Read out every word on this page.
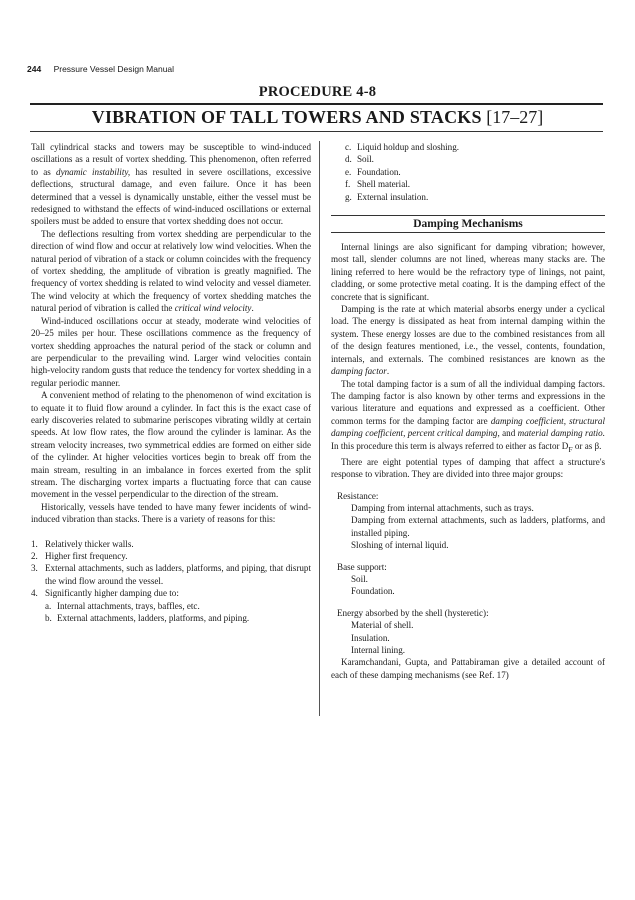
244 Pressure Vessel Design Manual
PROCEDURE 4-8
VIBRATION OF TALL TOWERS AND STACKS [17–27]

Tall cylindrical stacks and towers may be susceptible to wind-induced oscillations as a result of vortex shedding. This phenomenon, often referred to as dynamic instability, has resulted in severe oscillations, excessive deflections, structural damage, and even failure. Once it has been determined that a vessel is dynamically unstable, either the vessel must be redesigned to withstand the effects of wind-induced oscillations or external spoilers must be added to ensure that vortex shedding does not occur.

The deflections resulting from vortex shedding are perpendicular to the direction of wind flow and occur at relatively low wind velocities. When the natural period of vibration of a stack or column coincides with the frequency of vortex shedding, the amplitude of vibration is greatly magnified. The frequency of vortex shedding is related to wind velocity and vessel diameter. The wind velocity at which the frequency of vortex shedding matches the natural period of vibration is called the critical wind velocity.

Wind-induced oscillations occur at steady, moderate wind velocities of 20–25 miles per hour. These oscillations commence as the frequency of vortex shedding approaches the natural period of the stack or column and are perpendicular to the prevailing wind. Larger wind velocities contain high-velocity random gusts that reduce the tendency for vortex shedding in a regular periodic manner.

A convenient method of relating to the phenomenon of wind excitation is to equate it to fluid flow around a cylinder. In fact this is the exact case of early discoveries related to submarine periscopes vibrating wildly at certain speeds. At low flow rates, the flow around the cylinder is laminar. As the stream velocity increases, two symmetrical eddies are formed on either side of the cylinder. At higher velocities vortices begin to break off from the main stream, resulting in an imbalance in forces exerted from the split stream. The discharging vortex imparts a fluctuating force that can cause movement in the vessel perpendicular to the direction of the stream.

Historically, vessels have tended to have many fewer incidents of wind-induced vibration than stacks. There is a variety of reasons for this:

1. Relatively thicker walls.
2. Higher first frequency.
3. External attachments, such as ladders, platforms, and piping, that disrupt the wind flow around the vessel.
4. Significantly higher damping due to:
a. Internal attachments, trays, baffles, etc.
b. External attachments, ladders, platforms, and piping.
c. Liquid holdup and sloshing.
d. Soil.
e. Foundation.
f. Shell material.
g. External insulation.
Damping Mechanisms

Internal linings are also significant for damping vibration; however, most tall, slender columns are not lined, whereas many stacks are. The lining referred to here would be the refractory type of linings, not paint, cladding, or some protective metal coating. It is the damping effect of the concrete that is significant.

Damping is the rate at which material absorbs energy under a cyclical load. The energy is dissipated as heat from internal damping within the system. These energy losses are due to the combined resistances from all of the design features mentioned, i.e., the vessel, contents, foundation, internals, and externals. The combined resistances are known as the damping factor.

The total damping factor is a sum of all the individual damping factors. The damping factor is also known by other terms and expressions in the various literature and equations and expressed as a coefficient. Other common terms for the damping factor are damping coefficient, structural damping coefficient, percent critical damping, and material damping ratio. In this procedure this term is always referred to either as factor $D_F$ or as β.

There are eight potential types of damping that affect a structure's response to vibration. They are divided into three major groups:

Resistance:
Damping from internal attachments, such as trays.
Damping from external attachments, such as ladders, platforms, and installed piping.
Sloshing of internal liquid.
Base support:
Soil.
Foundation.
Energy absorbed by the shell (hysteretic):
Material of shell.
Insulation.
Internal lining.

Karamchandani, Gupta, and Pattabiraman give a detailed account of each of these damping mechanisms (see Ref. 17)
